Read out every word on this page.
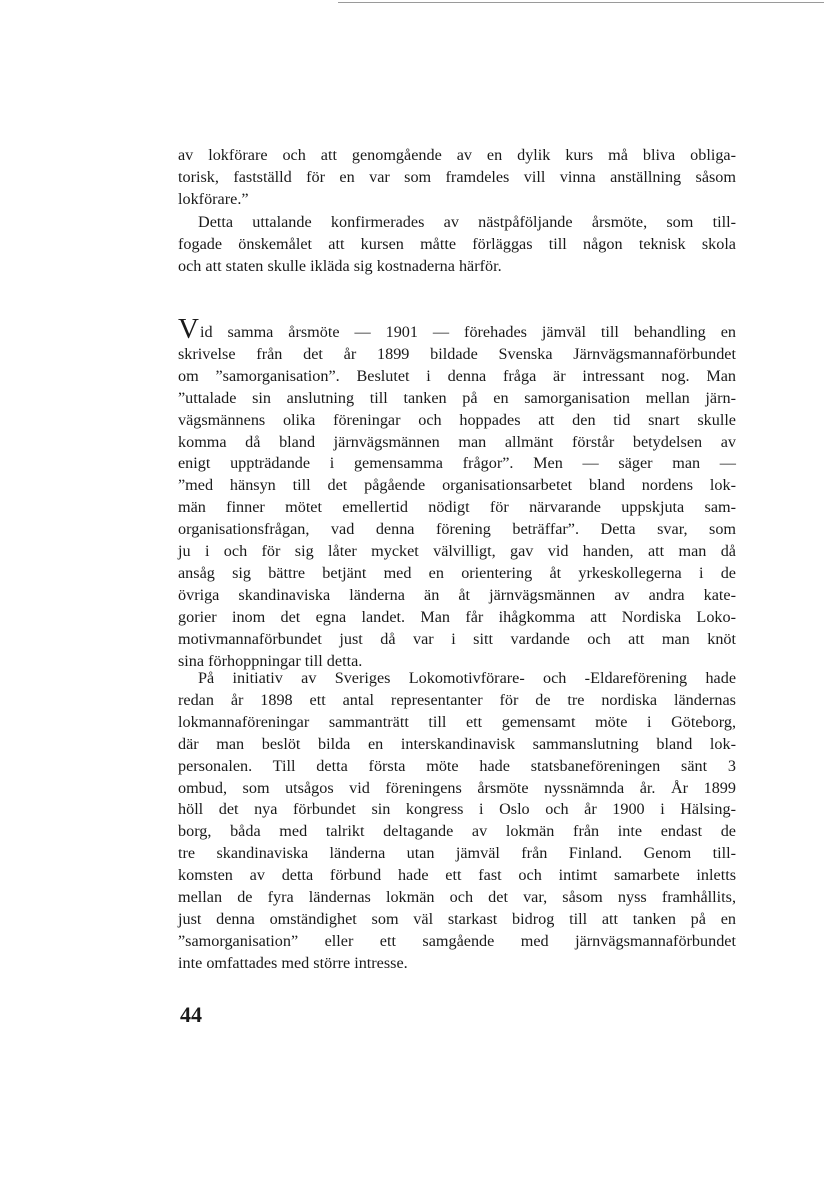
av lokförare och att genomgående av en dylik kurs må bliva obliga-
torisk, fastställd för en var som framdeles vill vinna anställning såsom
lokförare.”
Detta uttalande konfirmerades av nästpåföljande årsmöte, som till-
fogade önskemålet att kursen måtte förläggas till någon teknisk skola
och att staten skulle ikläda sig kostnaderna härför.
Vid samma årsmöte — 1901 — förehades jämväl till behandling en
skrivelse från det år 1899 bildade Svenska Järnvägsmannaförbundet
om ”samorganisation”. Beslutet i denna fråga är intressant nog. Man
”uttalade sin anslutning till tanken på en samorganisation mellan järn-
vägsmännens olika föreningar och hoppades att den tid snart skulle
komma då bland järnvägsmännen man allmänt förstår betydelsen av
enigt uppträdande i gemensamma frågor”. Men — säger man —
”med hänsyn till det pågående organisationsarbetet bland nordens lok-
män finner mötet emellertid nödigt för närvarande uppskjuta sam-
organisationsfrågan, vad denna förening beträffar”. Detta svar, som
ju i och för sig låter mycket välvilligt, gav vid handen, att man då
ansåg sig bättre betjänt med en orientering åt yrkeskollegerna i de
övriga skandinaviska länderna än åt järnvägsmännen av andra kate-
gorier inom det egna landet. Man får ihågkomma att Nordiska Loko-
motivmannaförbundet just då var i sitt vardande och att man knöt
sina förhoppningar till detta.
På initiativ av Sveriges Lokomotivförare- och -Eldareförening hade
redan år 1898 ett antal representanter för de tre nordiska ländernas
lokmannaföreningar sammanträtt till ett gemensamt möte i Göteborg,
där man beslöt bilda en interskandinavisk sammanslutning bland lok-
personalen. Till detta första möte hade statsbaneföreningen sänt 3
ombud, som utsågos vid föreningens årsmöte nyssnämnda år. År 1899
höll det nya förbundet sin kongress i Oslo och år 1900 i Hälsing-
borg, båda med talrikt deltagande av lokmän från inte endast de
tre skandinaviska länderna utan jämväl från Finland. Genom till-
komsten av detta förbund hade ett fast och intimt samarbete inletts
mellan de fyra ländernas lokmän och det var, såsom nyss framhållits,
just denna omständighet som väl starkast bidrog till att tanken på en
”samorganisation” eller ett samgående med järnvägsmannaförbundet
inte omfattades med större intresse.
44
